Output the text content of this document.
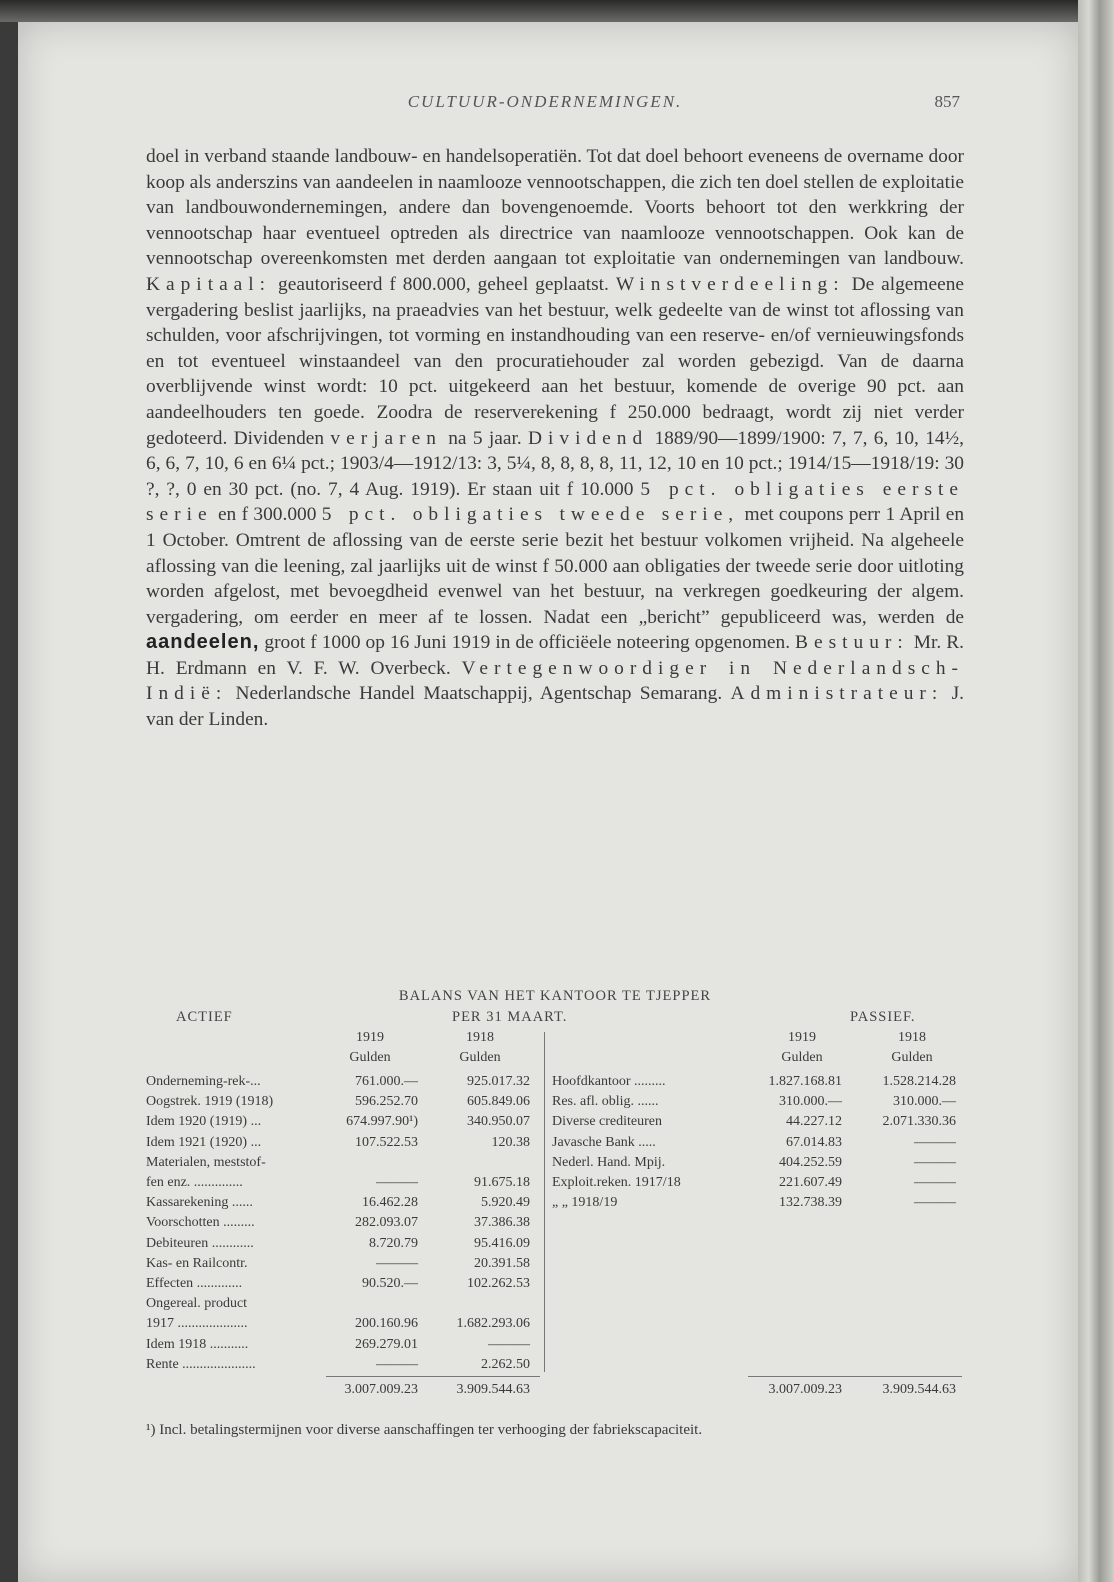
CULTUUR-ONDERNEMINGEN.	857

doel in verband staande landbouw- en handelsoperatiën. Tot dat doel behoort eveneens de overname door koop als anderszins van aandeelen in naamlooze vennootschappen, die zich ten doel stellen de exploitatie van landbouwondernemingen, andere dan bovengenoemde. Voorts behoort tot den werkkring der vennootschap haar eventueel optreden als directrice van naamlooze vennootschappen. Ook kan de vennootschap overeenkomsten met derden aangaan tot exploitatie van ondernemingen van landbouw. Kapitaal: geautoriseerd f 800.000, geheel geplaatst. Winstverdeeling: De algemeene vergadering beslist jaarlijks, na praeadvies van het bestuur, welk gedeelte van de winst tot aflossing van schulden, voor afschrijvingen, tot vorming en instandhouding van een reserve- en/of vernieuwingsfonds en tot eventueel winstaandeel van den procuratiehouder zal worden gebezigd. Van de daarna overblijvende winst wordt: 10 pct. uitgekeerd aan het bestuur, komende de overige 90 pct. aan aandeelhouders ten goede. Zoodra de reserverekening f 250.000 bedraagt, wordt zij niet verder gedoteerd. Dividenden verjaren na 5 jaar. Dividend 1889/90—1899/1900: 7, 7, 6, 10, 14½, 6, 6, 7, 10, 6 en 6¼ pct.; 1903/4—1912/13: 3, 5¼, 8, 8, 8, 8, 11, 12, 10 en 10 pct.; 1914/15—1918/19: 30 ?, ?, 0 en 30 pct. (no. 7, 4 Aug. 1919). Er staan uit f 10.000 5 pct. obligaties eerste serie en f 300.000 5 pct. obligaties tweede serie, met coupons perr 1 April en 1 October. Omtrent de aflossing van de eerste serie bezit het bestuur volkomen vrijheid. Na algeheele aflossing van die leening, zal jaarlijks uit de winst f 50.000 aan obligaties der tweede serie door uitloting worden afgelost, met bevoegdheid evenwel van het bestuur, na verkregen goedkeuring der algem. vergadering, om eerder en meer af te lossen. Nadat een „bericht” gepubliceerd was, werden de aandeelen, groot f 1000 op 16 Juni 1919 in de officiëele noteering opgenomen. Bestuur: Mr. R. H. Erdmann en V. F. W. Overbeck. Vertegenwoordiger in Nederlandsch-Indië: Nederlandsche Handel Maatschappij, Agentschap Semarang. Administrateur: J. van der Linden.

BALANS VAN HET KANTOOR TE TJEPPER
ACTIEF	PER 31 MAART.	PASSIEF.
1919	1918
Gulden	Gulden
1919	1918
Gulden	Gulden
Onderneming-rek-...	761.000.—	925.017.32
Oogstrek. 1919 (1918)	596.252.70	605.849.06
Idem 1920 (1919) ...	674.997.90¹)	340.950.07
Idem 1921 (1920) ...	107.522.53	120.38
Materialen, meststof-
fen enz. ..............	———	91.675.18
Kassarekening ......	16.462.28	5.920.49
Voorschotten .........	282.093.07	37.386.38
Debiteuren ............	8.720.79	95.416.09
Kas- en Railcontr.	———	20.391.58
Effecten .............	90.520.—	102.262.53
Ongereal. product
1917 ....................	200.160.96	1.682.293.06
Idem 1918 ...........	269.279.01	———
Rente .....................	———	2.262.50
Hoofdkantoor .........	1.827.168.81	1.528.214.28
Res. afl. oblig. ......	310.000.—	310.000.—
Diverse crediteuren	44.227.12	2.071.330.36
Javasche Bank .....	67.014.83	———
Nederl. Hand. Mpij.	404.252.59	———
Exploit.reken. 1917/18	221.607.49	———
„ „ 1918/19	132.738.39	———
3.007.009.23	3.909.544.63	3.007.009.23	3.909.544.63

¹) Incl. betalingstermijnen voor diverse aanschaffingen ter verhooging der fabriekscapaciteit.
